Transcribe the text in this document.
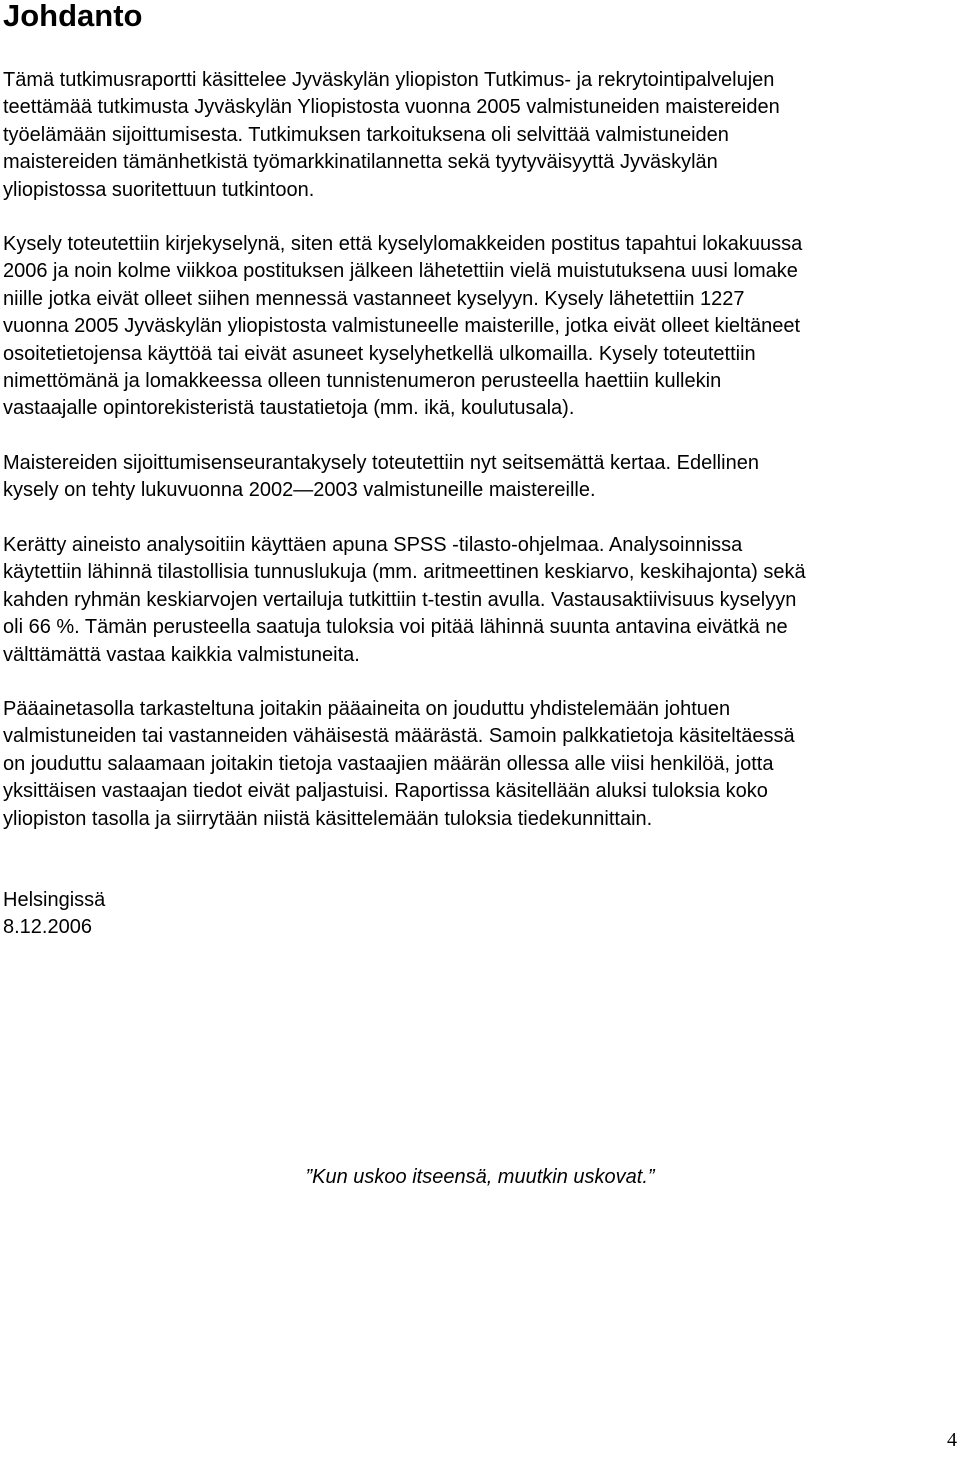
Johdanto
Tämä tutkimusraportti käsittelee Jyväskylän yliopiston Tutkimus- ja rekrytointipalvelujen
teettämää tutkimusta Jyväskylän Yliopistosta vuonna 2005 valmistuneiden maistereiden
työelämään sijoittumisesta. Tutkimuksen tarkoituksena oli selvittää valmistuneiden
maistereiden tämänhetkistä työmarkkinatilannetta sekä tyytyväisyyttä Jyväskylän
yliopistossa suoritettuun tutkintoon.
Kysely toteutettiin kirjekyselynä, siten että kyselylomakkeiden postitus tapahtui lokakuussa
2006 ja noin kolme viikkoa postituksen jälkeen lähetettiin vielä muistutuksena uusi lomake
niille jotka eivät olleet siihen mennessä vastanneet kyselyyn. Kysely lähetettiin 1227
vuonna 2005 Jyväskylän yliopistosta valmistuneelle maisterille, jotka eivät olleet kieltäneet
osoitetietojensa käyttöä tai eivät asuneet kyselyhetkellä ulkomailla. Kysely toteutettiin
nimettömänä ja lomakkeessa olleen tunnistenumeron perusteella haettiin kullekin
vastaajalle opintorekisteristä taustatietoja (mm. ikä, koulutusala).
Maistereiden sijoittumisenseurantakysely toteutettiin nyt seitsemättä kertaa. Edellinen
kysely on tehty lukuvuonna 2002—2003 valmistuneille maistereille.
Kerätty aineisto analysoitiin käyttäen apuna SPSS -tilasto-ohjelmaa. Analysoinnissa
käytettiin lähinnä tilastollisia tunnuslukuja (mm. aritmeettinen keskiarvo, keskihajonta) sekä
kahden ryhmän keskiarvojen vertailuja tutkittiin t-testin avulla. Vastausaktiivisuus kyselyyn
oli 66 %. Tämän perusteella saatuja tuloksia voi pitää lähinnä suunta antavina eivätkä ne
välttämättä vastaa kaikkia valmistuneita.
Pääainetasolla tarkasteltuna joitakin pääaineita on jouduttu yhdistelemään johtuen
valmistuneiden tai vastanneiden vähäisestä määrästä. Samoin palkkatietoja käsiteltäessä
on jouduttu salaamaan joitakin tietoja vastaajien määrän ollessa alle viisi henkilöä, jotta
yksittäisen vastaajan tiedot eivät paljastuisi. Raportissa käsitellään aluksi tuloksia koko
yliopiston tasolla ja siirrytään niistä käsittelemään tuloksia tiedekunnittain.
Helsingissä
8.12.2006
”Kun uskoo itseensä, muutkin uskovat.”
4
